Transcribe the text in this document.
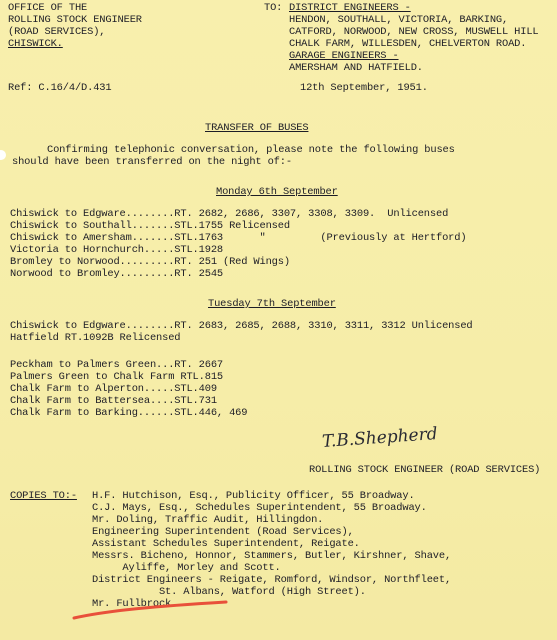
OFFICE OF THE
ROLLING STOCK ENGINEER
(ROAD SERVICES),
CHISWICK.
Ref: C.16/4/D.431
TO: DISTRICT ENGINEERS -
HENDON, SOUTHALL, VICTORIA, BARKING,
CATFORD, NORWOOD, NEW CROSS, MUSWELL HILL
CHALK FARM, WILLESDEN, CHELVERTON ROAD.
GARAGE ENGINEERS -
AMERSHAM AND HATFIELD.
12th September, 1951.
TRANSFER OF BUSES
Confirming telephonic conversation, please note the following buses
should have been transferred on the night of:-
Monday 6th September
Chiswick to Edgware........RT. 2682, 2686, 3307, 3308, 3309.  Unlicensed
Chiswick to Southall.......STL.1755 Relicensed
Chiswick to Amersham.......STL.1763      "         (Previously at Hertford)
Victoria to Hornchurch.....STL.1928
Bromley to Norwood.........RT. 251 (Red Wings)
Norwood to Bromley.........RT. 2545
Tuesday 7th September
Chiswick to Edgware........RT. 2683, 2685, 2688, 3310, 3311, 3312 Unlicensed
Hatfield RT.1092B Relicensed
Peckham to Palmers Green...RT. 2667
Palmers Green to Chalk Farm RTL.815
Chalk Farm to Alperton.....STL.409
Chalk Farm to Battersea....STL.731
Chalk Farm to Barking......STL.446, 469
T.B.Shepherd
ROLLING STOCK ENGINEER (ROAD SERVICES)
COPIES TO:- H.F. Hutchison, Esq., Publicity Officer, 55 Broadway.
C.J. Mays, Esq., Schedules Superintendent, 55 Broadway.
Mr. Doling, Traffic Audit, Hillingdon.
Engineering Superintendent (Road Services),
Assistant Schedules Superintendent, Reigate.
Messrs. Bicheno, Honnor, Stammers, Butler, Kirshner, Shave,
Ayliffe, Morley and Scott.
District Engineers - Reigate, Romford, Windsor, Northfleet,
St. Albans, Watford (High Street).
Mr. Fullbrock.
